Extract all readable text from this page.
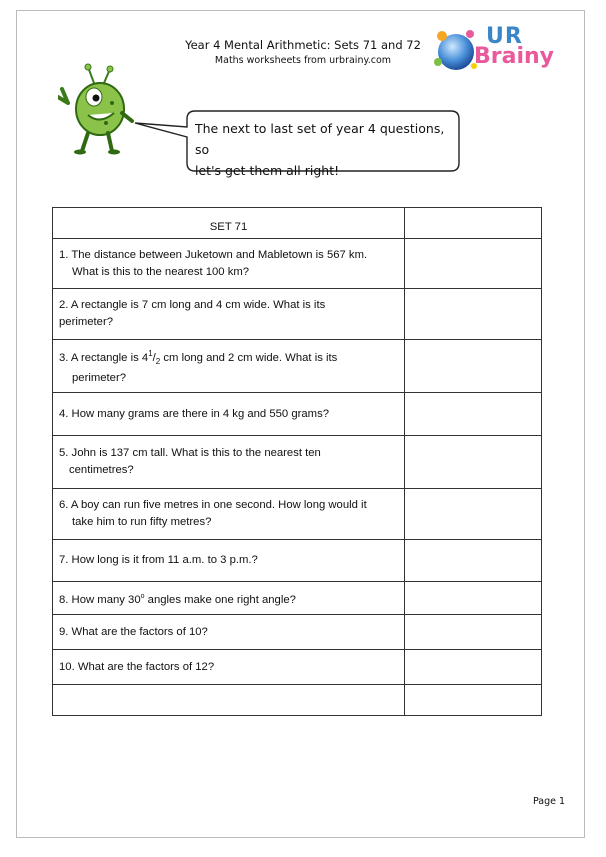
Year 4 Mental Arithmetic: Sets 71 and 72
Maths worksheets from urbrainy.com
UR
Brainy
The next to last set of year 4 questions, so
let's get them all right!
SET 71	

1. The distance between Juketown and Mabletown is 567 km.
What is this to the nearest 100 km?	

2. A rectangle is 7 cm long and 4 cm wide. What is its
perimeter?	

3. A rectangle is $4^1/_2$ cm long and 2 cm wide. What is its
perimeter?	

4. How many grams are there in 4 kg and 550 grams?	

5. John is 137 cm tall. What is this to the nearest ten
centimetres?	

6. A boy can run five metres in one second. How long would it
take him to run fifty metres?	

7. How long is it from 11 a.m. to 3 p.m.?	

8. How many 30$^o$ angles make one right angle?	

9. What are the factors of 10?	

10. What are the factors of 12?	

Page 1
